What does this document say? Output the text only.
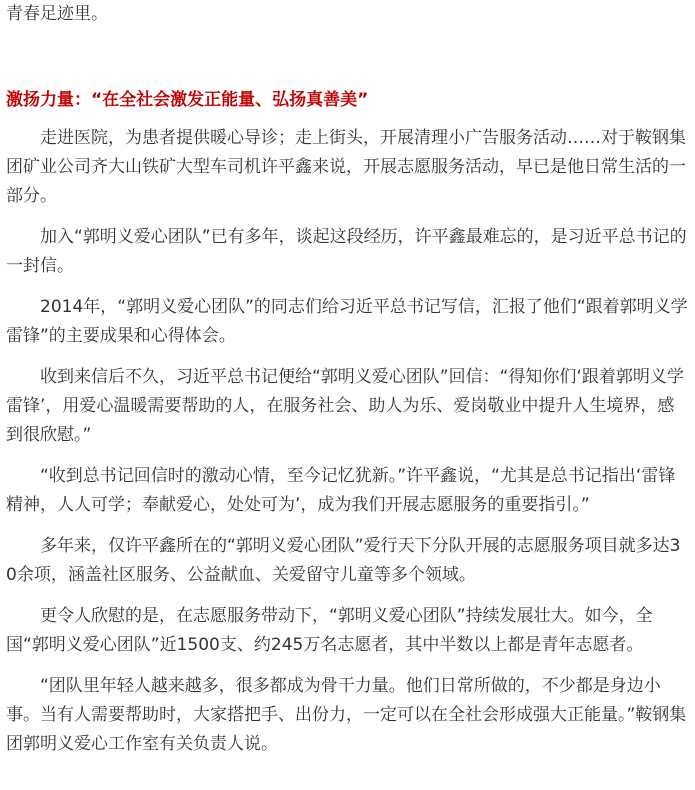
青春足迹里。

激扬力量：“在全社会激发正能量、弘扬真善美”

走进医院，为患者提供暖心导诊；走上街头，开展清理小广告服务活动……对于鞍钢集团矿业公司齐大山铁矿大型车司机许平鑫来说，开展志愿服务活动，早已是他日常生活的一部分。

加入“郭明义爱心团队”已有多年，谈起这段经历，许平鑫最难忘的，是习近平总书记的一封信。

2014年，“郭明义爱心团队”的同志们给习近平总书记写信，汇报了他们“跟着郭明义学雷锋”的主要成果和心得体会。

收到来信后不久，习近平总书记便给“郭明义爱心团队”回信：“得知你们‘跟着郭明义学雷锋’，用爱心温暖需要帮助的人，在服务社会、助人为乐、爱岗敬业中提升人生境界，感到很欣慰。”

“收到总书记回信时的激动心情，至今记忆犹新。”许平鑫说，“尤其是总书记指出‘雷锋精神，人人可学；奉献爱心，处处可为’，成为我们开展志愿服务的重要指引。”

多年来，仅许平鑫所在的“郭明义爱心团队”爱行天下分队开展的志愿服务项目就多达30余项，涵盖社区服务、公益献血、关爱留守儿童等多个领域。

更令人欣慰的是，在志愿服务带动下，“郭明义爱心团队”持续发展壮大。如今，全国“郭明义爱心团队”近1500支、约245万名志愿者，其中半数以上都是青年志愿者。

“团队里年轻人越来越多，很多都成为骨干力量。他们日常所做的，不少都是身边小事。当有人需要帮助时，大家搭把手、出份力，一定可以在全社会形成强大正能量。”鞍钢集团郭明义爱心工作室有关负责人说。
